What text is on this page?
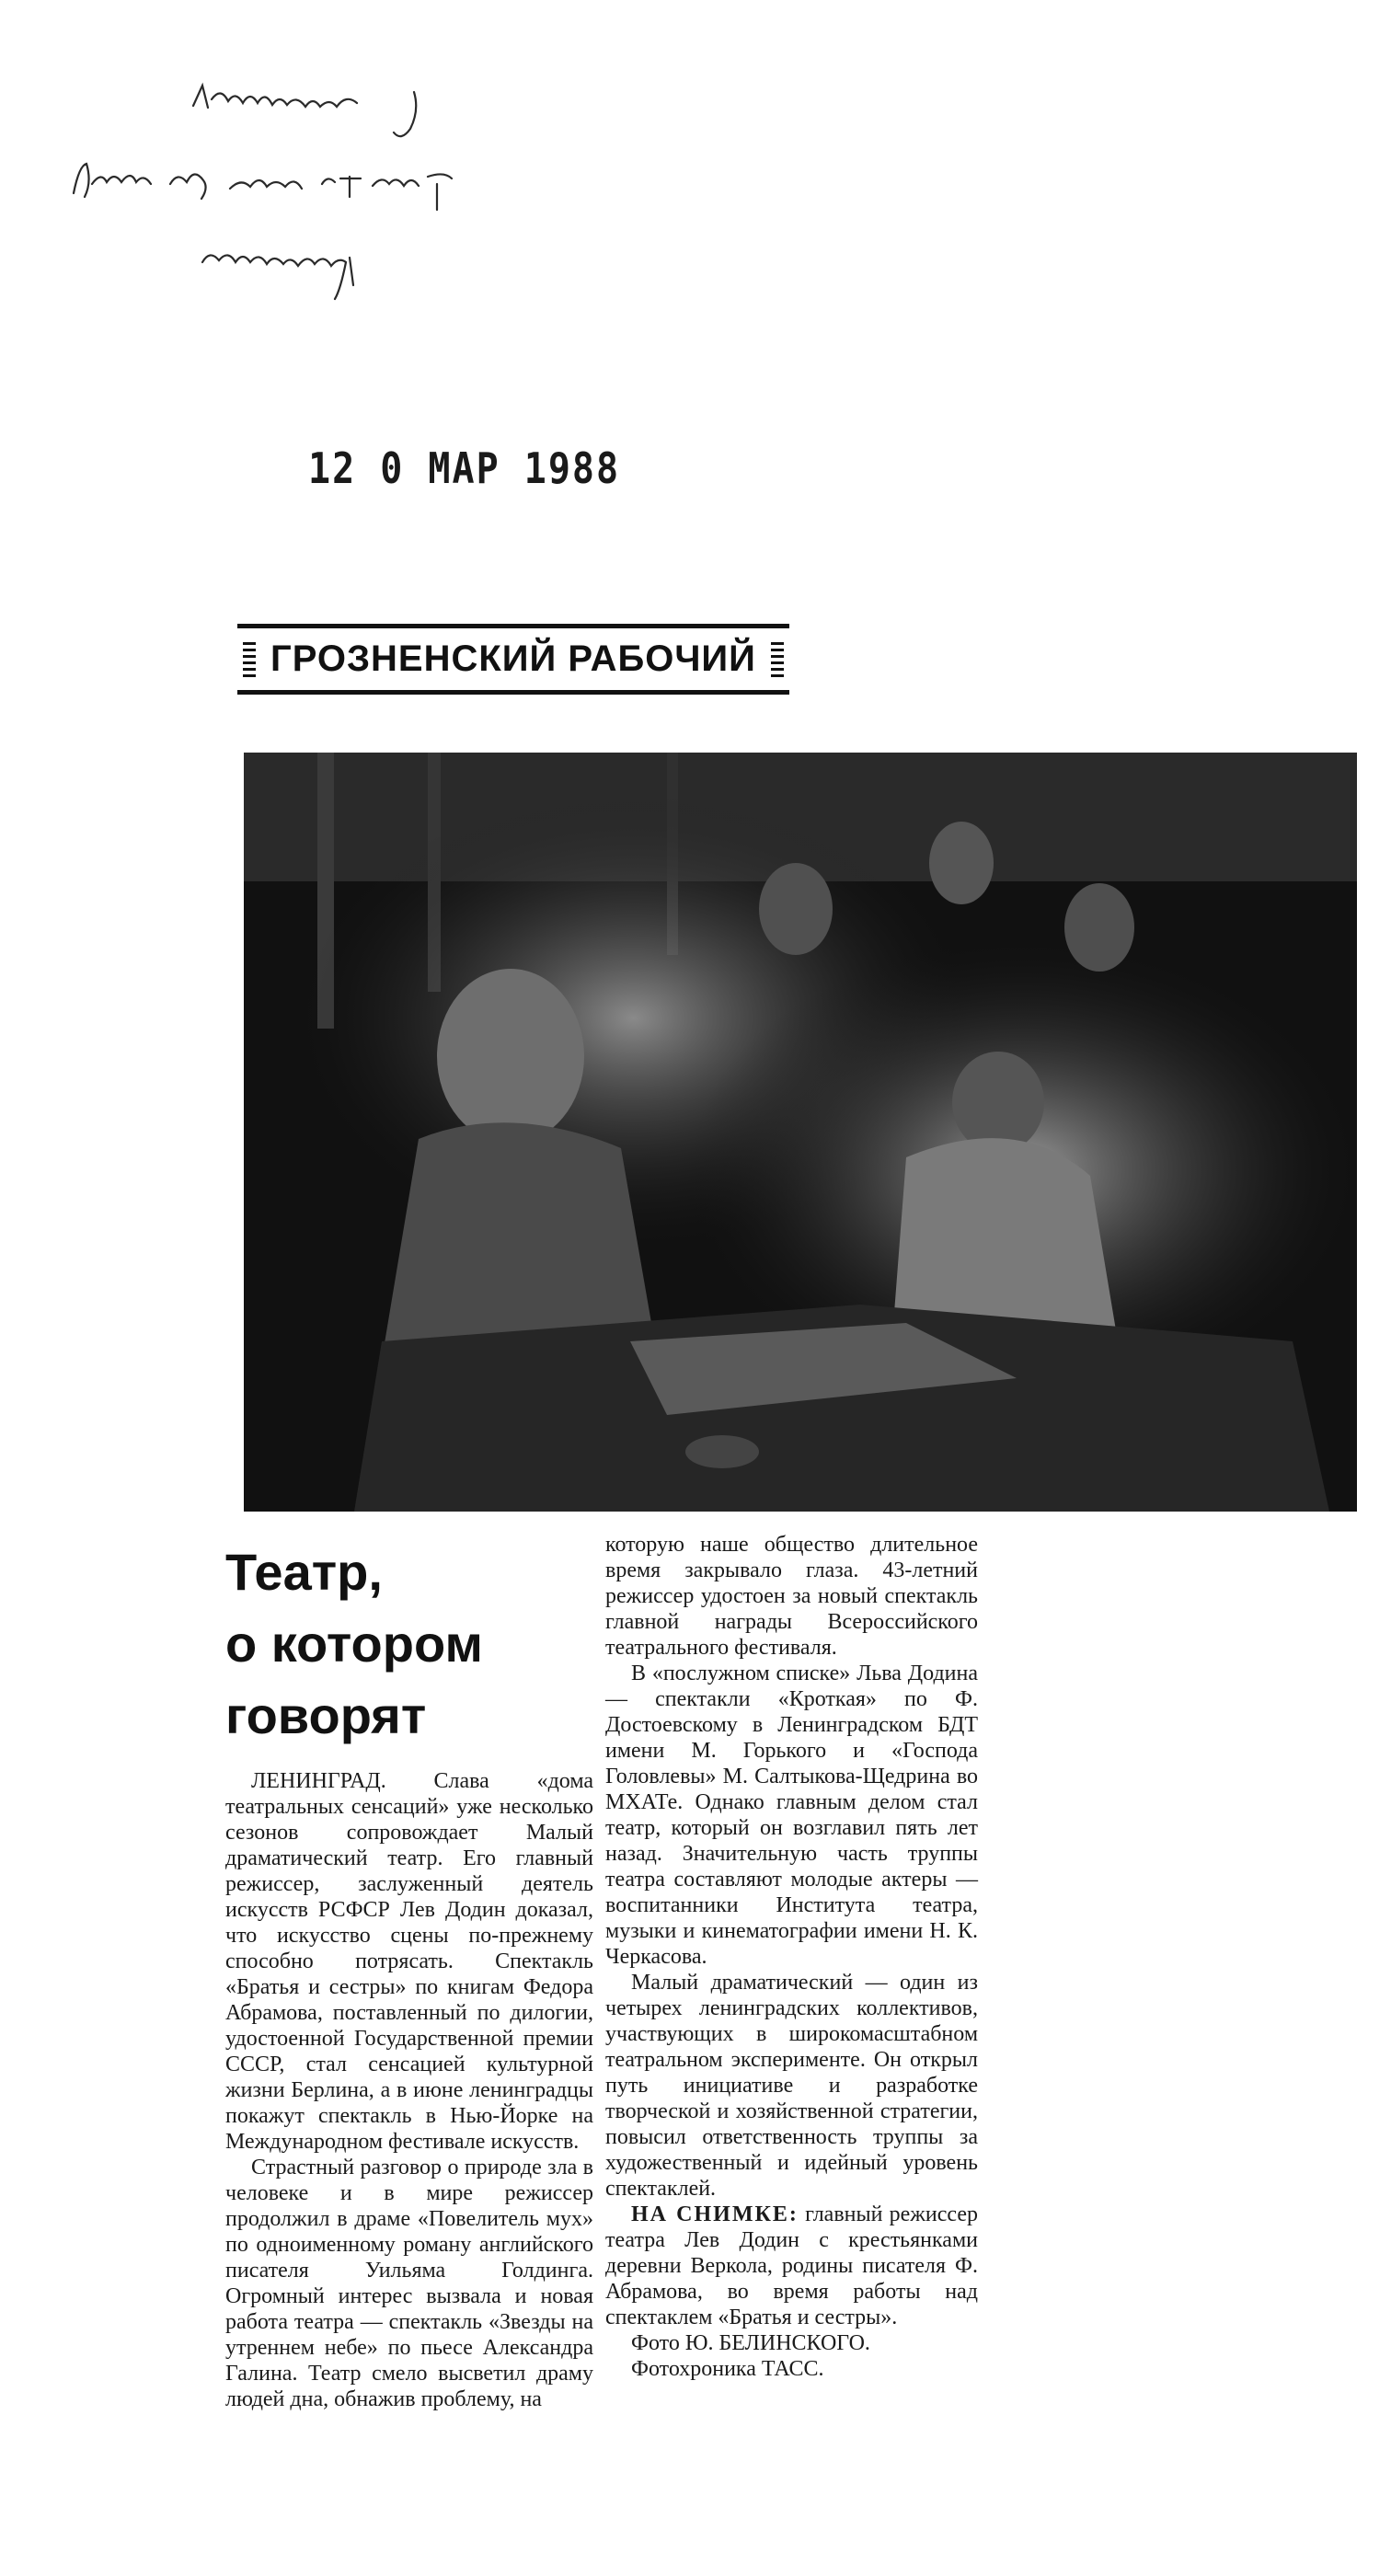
12 0 МАР 1988
ГРОЗНЕНСКИЙ РАБОЧИЙ
Театр,
о котором
говорят

ЛЕНИНГРАД. Слава «дома театральных сенсаций» уже несколько сезонов сопровождает Малый драматический театр. Его главный режиссер, заслуженный деятель искусств РСФСР Лев Додин доказал, что искусство сцены по-прежнему способно потрясать. Спектакль «Братья и сестры» по книгам Федора Абрамова, поставленный по дилогии, удостоенной Государственной премии СССР, стал сенсацией культурной жизни Берлина, а в июне ленинградцы покажут спектакль в Нью-Йорке на Международном фестивале искусств.

Страстный разговор о природе зла в человеке и в мире режиссер продолжил в драме «Повелитель мух» по одноименному роману английского писателя Уильяма Голдинга. Огромный интерес вызвала и новая работа театра — спектакль «Звезды на утреннем небе» по пьесе Александра Галина. Театр смело высветил драму людей дна, обнажив проблему, на

которую наше общество длительное время закрывало глаза. 43-летний режиссер удостоен за новый спектакль главной награды Всероссийского театрального фестиваля.

В «послужном списке» Льва Додина — спектакли «Кроткая» по Ф. Достоевскому в Ленинградском БДТ имени М. Горького и «Господа Головлевы» М. Салтыкова-Щедрина во МХАТе. Однако главным делом стал театр, который он возглавил пять лет назад. Значительную часть труппы театра составляют молодые актеры — воспитанники Института театра, музыки и кинематографии имени Н. К. Черкасова.

Малый драматический — один из четырех ленинградских коллективов, участвующих в широкомасштабном театральном эксперименте. Он открыл путь инициативе и разработке творческой и хозяйственной стратегии, повысил ответственность труппы за художественный и идейный уровень спектаклей.

НА СНИМКЕ: главный режиссер театра Лев Додин с крестьянками деревни Веркола, родины писателя Ф. Абрамова, во время работы над спектаклем «Братья и сестры».

Фото Ю. БЕЛИНСКОГО.

Фотохроника ТАСС.
